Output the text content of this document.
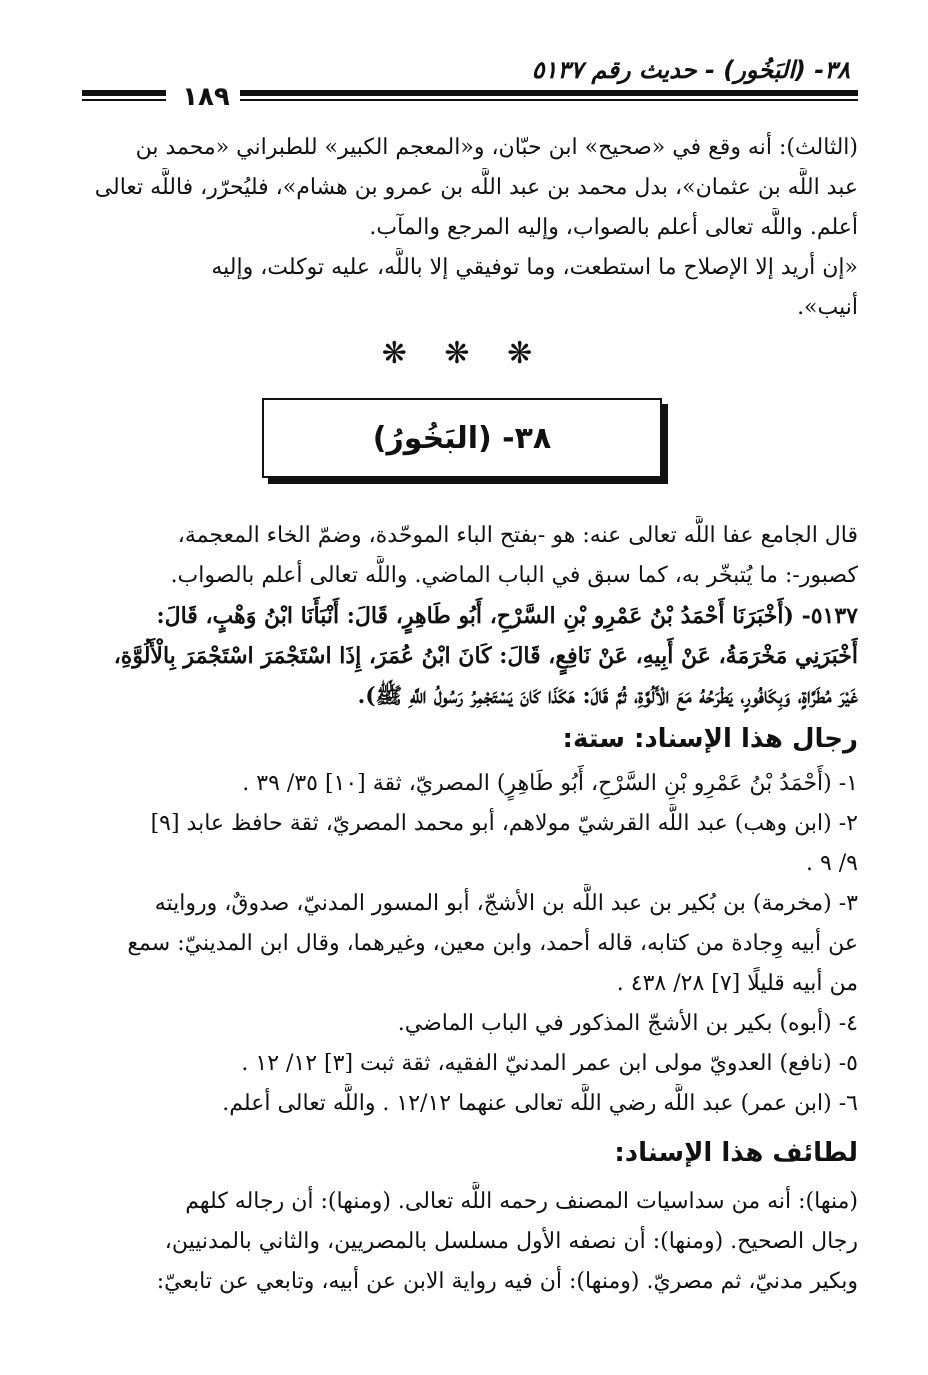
٣٨- (البَخُور) - حديث رقم ٥١٣٧
١٨٩
(الثالث): أنه وقع في «صحيح» ابن حبّان، و«المعجم الكبير» للطبراني «محمد بن
عبد اللَّه بن عثمان»، بدل محمد بن عبد اللَّه بن عمرو بن هشام»، فليُحرّر، فاللَّه تعالى
أعلم. واللَّه تعالى أعلم بالصواب، وإليه المرجع والمآب.
«إن أريد إلا الإصلاح ما استطعت، وما توفيقي إلا باللَّه، عليه توكلت، وإليه
أنيب».
❋ ❋ ❋
٣٨- (البَخُورُ)
قال الجامع عفا اللَّه تعالى عنه: هو -بفتح الباء الموحّدة، وضمّ الخاء المعجمة،
كصبور-: ما يُتبخّر به، كما سبق في الباب الماضي. واللَّه تعالى أعلم بالصواب.
٥١٣٧- (أَخْبَرَنَا أَحْمَدُ بْنُ عَمْرِو بْنِ السَّرْحِ، أَبُو طَاهِرٍ، قَالَ: أَنْبَأَنَا ابْنُ وَهْبٍ، قَالَ:
أَخْبَرَنِي مَخْرَمَةُ، عَنْ أَبِيهِ، عَنْ نَافِعٍ، قَالَ: كَانَ ابْنُ عُمَرَ، إِذَا اسْتَجْمَرَ اسْتَجْمَرَ بِالْأَلُوَّةِ،
غَيْرَ مُطَرَّاةٍ، وَبِكَافُورٍ، يَطْرَحُهُ مَعَ الْأَلُوَّةِ، ثُمَّ قَالَ: هَكَذَا كَانَ يَسْتَجْمِرُ رَسُولُ اللَّهِ ﷺ).
رجال هذا الإسناد: ستة:
١- (أَحْمَدُ بْنُ عَمْرِو بْنِ السَّرْحِ، أَبُو طَاهِرٍ) المصريّ، ثقة [١٠] ٣٥/ ٣٩ .
٢- (ابن وهب) عبد اللَّه القرشيّ مولاهم، أبو محمد المصريّ، ثقة حافظ عابد [٩]
٩/ ٩ .
٣- (مخرمة) بن بُكير بن عبد اللَّه بن الأشجّ، أبو المسور المدنيّ، صدوقٌ، وروايته
عن أبيه وِجادة من كتابه، قاله أحمد، وابن معين، وغيرهما، وقال ابن المدينيّ: سمع
من أبيه قليلًا [٧] ٢٨/ ٤٣٨ .
٤- (أبوه) بكير بن الأشجّ المذكور في الباب الماضي.
٥- (نافع) العدويّ مولى ابن عمر المدنيّ الفقيه، ثقة ثبت [٣] ١٢/ ١٢ .
٦- (ابن عمر) عبد اللَّه رضي اللَّه تعالى عنهما ١٢/١٢ . واللَّه تعالى أعلم.
لطائف هذا الإسناد:
(منها): أنه من سداسيات المصنف رحمه اللَّه تعالى. (ومنها): أن رجاله كلهم
رجال الصحيح. (ومنها): أن نصفه الأول مسلسل بالمصريين، والثاني بالمدنيين،
وبكير مدنيّ، ثم مصريّ. (ومنها): أن فيه رواية الابن عن أبيه، وتابعي عن تابعيّ:
